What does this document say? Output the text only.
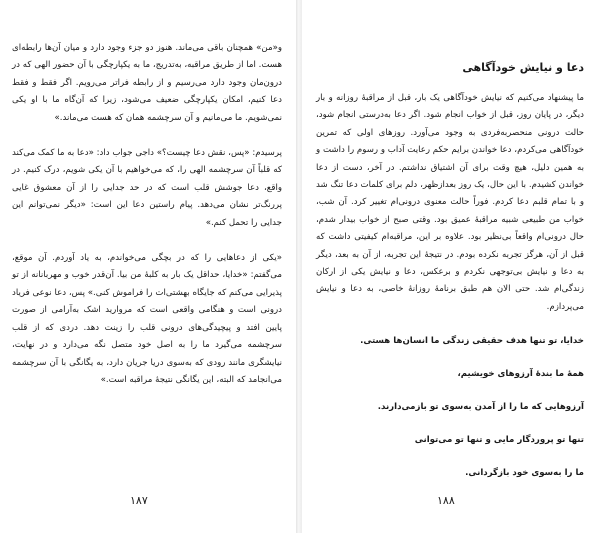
و«من» همچنان باقی می‌ماند. هنوز دو جزء وجود دارد و میان آن‌ها رابطه‌ای هست. اما از طریق مراقبه، به‌تدریج، ما به یکپارچگی با آن حضور الهی که در درون‌مان وجود دارد می‌رسیم و از رابطه فراتر می‌رویم. اگر فقط و فقط دعا کنیم، امکان یکپارچگی ضعیف می‌شود، زیرا که آن‌گاه ما با او یکی نمی‌شویم. ما می‌مانیم و آن سرچشمه همان که هست می‌ماند.»

پرسیدم: «پس، نقش دعا چیست؟» داجی جواب داد: «دعا به ما کمک می‌کند که قلباً آن سرچشمه الهی را، که می‌خواهیم با آن یکی شویم، درک کنیم. در واقع، دعا جوشش قلب است که در حد جدایی را از آن معشوق غایی پررنگ‌تر نشان می‌دهد. پیام راستین دعا این است: «دیگر نمی‌توانم این جدایی را تحمل کنم.»

«یکی از دعاهایی را که در بچگی می‌خواندم، به یاد آوردم. آن موقع، می‌گفتم: «خدایا، حداقل یک بار به کلبهٔ من بیا. آن‌قدر خوب و مهربانانه از تو پذیرایی می‌کنم که جایگاه بهشتی‌ات را فراموش کنی.» پس، دعا نوعی فریاد درونی است و هنگامی واقعی است که مروارید اشک به‌آرامی از صورت پایین افتد و پیچیدگی‌های درونی قلب را زینت دهد. دردی که از قلب سرچشمه می‌گیرد ما را به اصل خود متصل نگه می‌دارد و در نهایت، نیایشگری مانند رودی که به‌سوی دریا جریان دارد، به یگانگی با آن سرچشمه می‌انجامد که البته، این یگانگی نتیجهٔ مراقبه است.»

۱۸۷
دعا و نیایش خودآگاهی

ما پیشنهاد می‌کنیم که نیایش خودآگاهی یک بار، قبل از مراقبهٔ روزانه و بار دیگر، در پایان روز، قبل از خواب انجام شود. اگر دعا به‌درستی انجام شود، حالت درونی منحصربه‌فردی به وجود می‌آورد. روزهای اولی که تمرین خودآگاهی می‌کردم، دعا خواندن برایم حکم رعایت آداب و رسوم را داشت و به همین دلیل، هیچ وقت برای آن اشتیاق نداشتم. در آخر، دست از دعا خواندن کشیدم. با این حال، یک روز بعدازظهر، دلم برای کلمات دعا تنگ شد و با تمام قلبم دعا کردم. فوراً حالت معنوی درونی‌ام تغییر کرد. آن شب، خواب من طبیعی شبیه مراقبهٔ عمیق بود. وقتی صبح از خواب بیدار شدم، حال درونی‌ام واقعاً بی‌نظیر بود. علاوه بر این، مراقبه‌ام کیفیتی داشت که قبل از آن، هرگز تجربه نکرده بودم. در نتیجهٔ این تجربه، از آن به بعد، دیگر به دعا و نیایش بی‌توجهی نکردم و برعکس، دعا و نیایش یکی از ارکان زندگی‌ام شد. حتی الان هم طبق برنامهٔ روزانهٔ خاصی، به دعا و نیایش می‌پردازم.

خدایا، تو تنها هدف حقیقی زندگی ما انسان‌ها هستی.
همهٔ ما بندهٔ آرزوهای خویشیم،
آرزوهایی که ما را از آمدن به‌سوی تو بازمی‌دارند.
تنها تو پروردگار مایی و تنها تو می‌توانی
ما را به‌سوی خود بازگردانی.
۱۸۸
